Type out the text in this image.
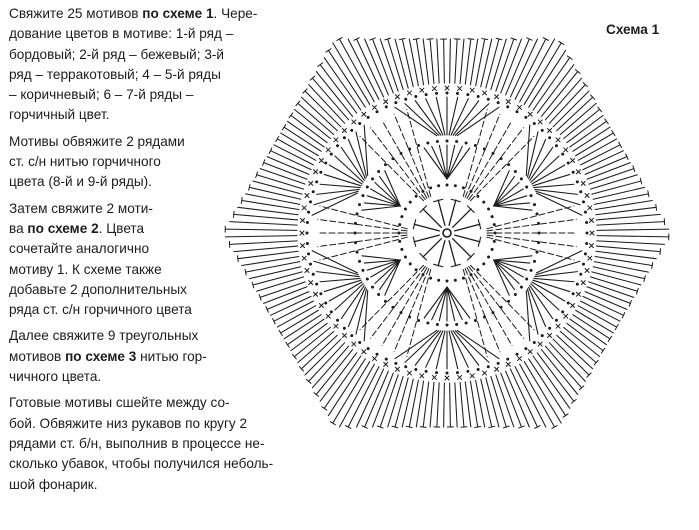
Свяжите 25 мотивов по схеме 1. Чере-
дование цветов в мотиве: 1-й ряд –
бордовый; 2-й ряд – бежевый; 3-й
ряд – терракотовый; 4 – 5-й ряды
– коричневый; 6 – 7-й ряды –
горчичный цвет.

Мотивы обвяжите 2 рядами
ст. с/н нитью горчичного
цвета (8-й и 9-й ряды).

Затем свяжите 2 моти-
ва по схеме 2. Цвета
сочетайте аналогично
мотиву 1. К схеме также
добавьте 2 дополнительных
ряда ст. с/н горчичного цвета

Далее свяжите 9 треугольных
мотивов по схеме 3 нитью гор-
чичного цвета.

Готовые мотивы сшейте между со-
бой. Обвяжите низ рукавов по кругу 2
рядами ст. б/н, выполнив в процессе не-
сколько убавок, чтобы получился неболь-
шой фонарик.

Схема 1
